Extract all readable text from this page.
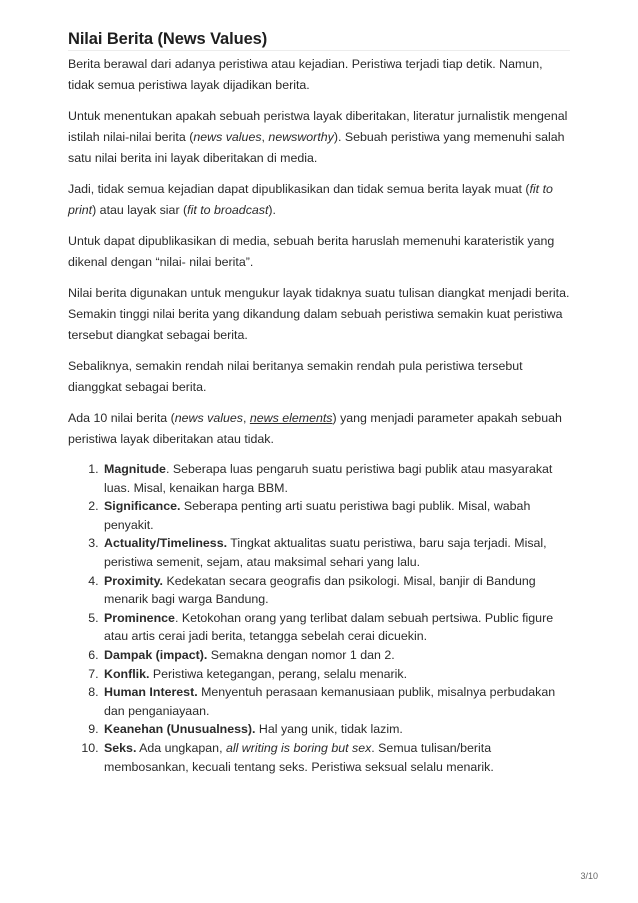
Nilai Berita (News Values)

Berita berawal dari adanya peristiwa atau kejadian. Peristiwa terjadi tiap detik. Namun, tidak semua peristiwa layak dijadikan berita.

Untuk menentukan apakah sebuah peristwa layak diberitakan, literatur jurnalistik mengenal istilah nilai-nilai berita (news values, newsworthy). Sebuah peristiwa yang memenuhi salah satu nilai berita ini layak diberitakan di media.

Jadi, tidak semua kejadian dapat dipublikasikan dan tidak semua berita layak muat (fit to print) atau layak siar (fit to broadcast).

Untuk dapat dipublikasikan di media, sebuah berita haruslah memenuhi karateristik yang dikenal dengan “nilai- nilai berita”.

Nilai berita digunakan untuk mengukur layak tidaknya suatu tulisan diangkat menjadi berita. Semakin tinggi nilai berita yang dikandung dalam sebuah peristiwa semakin kuat peristiwa tersebut diangkat sebagai berita.

Sebaliknya, semakin rendah nilai beritanya semakin rendah pula peristiwa tersebut dianggkat sebagai berita.

Ada 10 nilai berita (news values, news elements) yang menjadi parameter apakah sebuah peristiwa layak diberitakan atau tidak.

1. Magnitude. Seberapa luas pengaruh suatu peristiwa bagi publik atau masyarakat luas. Misal, kenaikan harga BBM.
2. Significance. Seberapa penting arti suatu peristiwa bagi publik. Misal, wabah penyakit.
3. Actuality/Timeliness. Tingkat aktualitas suatu peristiwa, baru saja terjadi. Misal, peristiwa semenit, sejam, atau maksimal sehari yang lalu.
4. Proximity. Kedekatan secara geografis dan psikologi. Misal, banjir di Bandung menarik bagi warga Bandung.
5. Prominence. Ketokohan orang yang terlibat dalam sebuah pertsiwa. Public figure atau artis cerai jadi berita, tetangga sebelah cerai dicuekin.
6. Dampak (impact). Semakna dengan nomor 1 dan 2.
7. Konflik. Peristiwa ketegangan, perang, selalu menarik.
8. Human Interest. Menyentuh perasaan kemanusiaan publik, misalnya perbudakan dan penganiayaan.
9. Keanehan (Unusualness). Hal yang unik, tidak lazim.
10. Seks. Ada ungkapan, all writing is boring but sex. Semua tulisan/berita membosankan, kecuali tentang seks. Peristiwa seksual selalu menarik.
3/10
